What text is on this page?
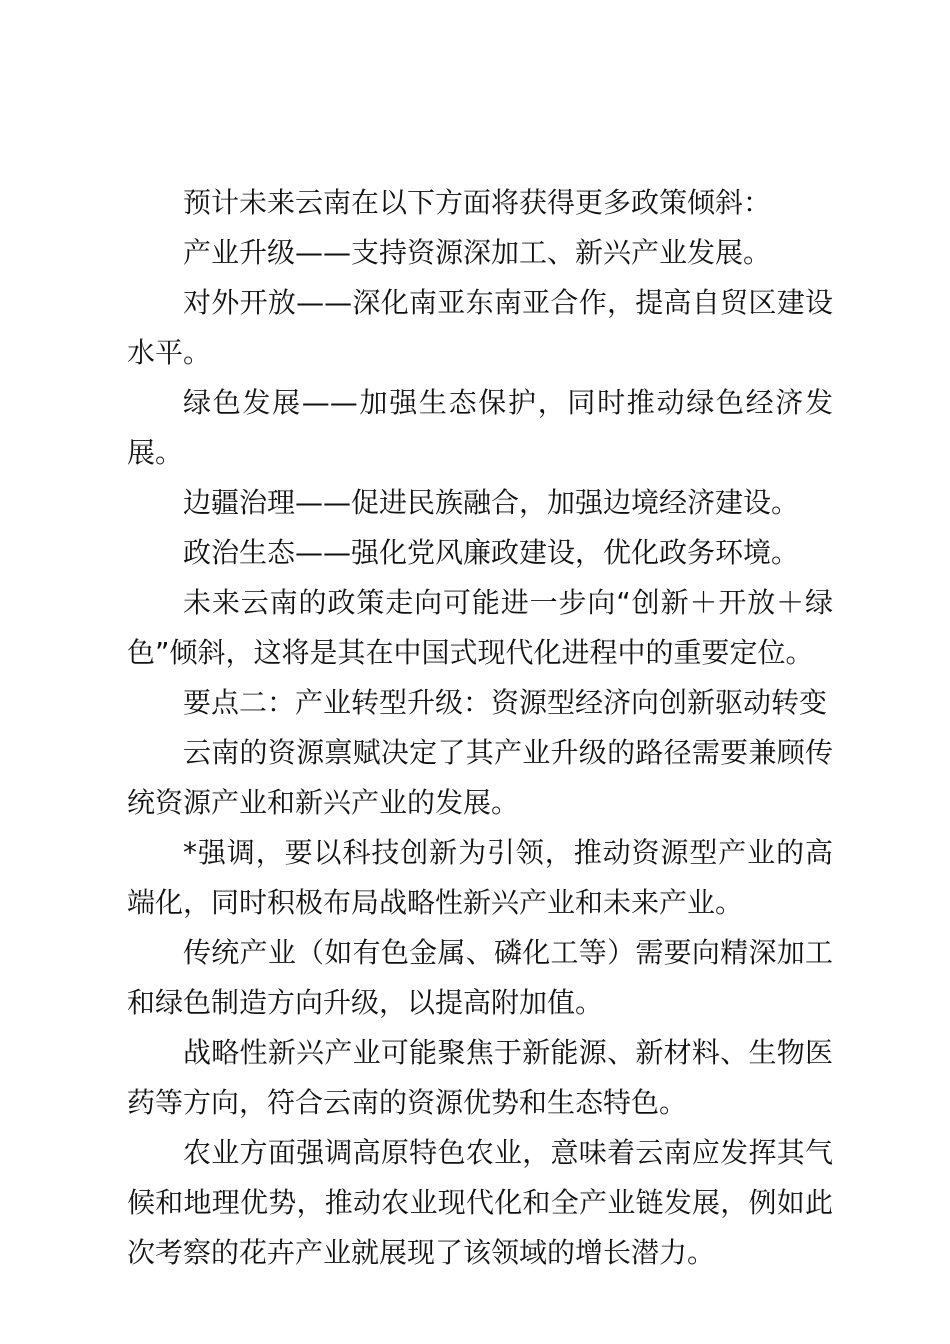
预计未来云南在以下方面将获得更多政策倾斜：

产业升级——支持资源深加工、新兴产业发展。

对外开放——深化南亚东南亚合作，提高自贸区建设水平。

绿色发展——加强生态保护，同时推动绿色经济发展。

边疆治理——促进民族融合，加强边境经济建设。

政治生态——强化党风廉政建设，优化政务环境。

未来云南的政策走向可能进一步向“创新＋开放＋绿色”倾斜，这将是其在中国式现代化进程中的重要定位。

要点二：产业转型升级：资源型经济向创新驱动转变

云南的资源禀赋决定了其产业升级的路径需要兼顾传统资源产业和新兴产业的发展。

*强调，要以科技创新为引领，推动资源型产业的高端化，同时积极布局战略性新兴产业和未来产业。

传统产业（如有色金属、磷化工等）需要向精深加工和绿色制造方向升级，以提高附加值。

战略性新兴产业可能聚焦于新能源、新材料、生物医药等方向，符合云南的资源优势和生态特色。

农业方面强调高原特色农业，意味着云南应发挥其气候和地理优势，推动农业现代化和全产业链发展，例如此次考察的花卉产业就展现了该领域的增长潜力。
